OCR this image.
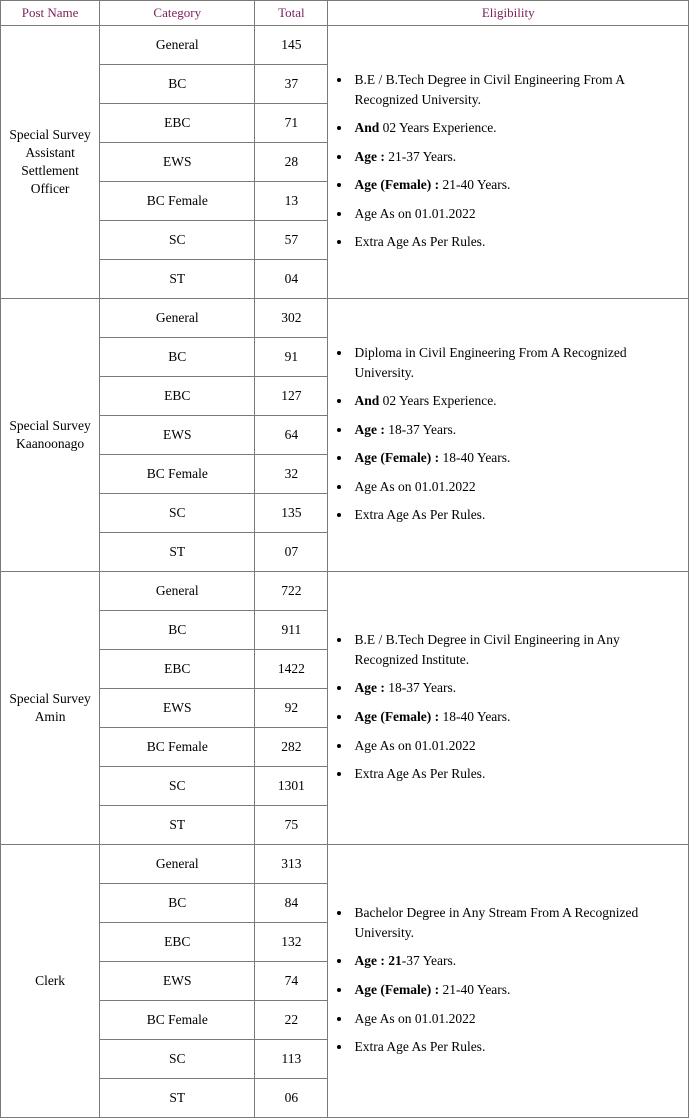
Post Name	Category	Total	Eligibility
Special Survey Assistant Settlement Officer	General	145	
• B.E / B.Tech Degree in Civil Engineering From A Recognized University.
• And 02 Years Experience.
• Age : 21-37 Years.
• Age (Female) : 21-40 Years.
• Age As on 01.01.2022
• Extra Age As Per Rules.

	BC	37	
	EBC	71	
	EWS	28	
	BC Female	13	
	SC	57	
	ST	04	
Special Survey Kaanoonago	General	302	
• Diploma in Civil Engineering From A Recognized University.
• And 02 Years Experience.
• Age : 18-37 Years.
• Age (Female) : 18-40 Years.
• Age As on 01.01.2022
• Extra Age As Per Rules.

	BC	91	
	EBC	127	
	EWS	64	
	BC Female	32	
	SC	135	
	ST	07	
Special Survey Amin	General	722	
• B.E / B.Tech Degree in Civil Engineering in Any Recognized Institute.
• Age : 18-37 Years.
• Age (Female) : 18-40 Years.
• Age As on 01.01.2022
• Extra Age As Per Rules.

	BC	911	
	EBC	1422	
	EWS	92	
	BC Female	282	
	SC	1301	
	ST	75	
Clerk	General	313	
• Bachelor Degree in Any Stream From A Recognized University.
• Age : 21-37 Years.
• Age (Female) : 21-40 Years.
• Age As on 01.01.2022
• Extra Age As Per Rules.

	BC	84	
	EBC	132	
	EWS	74	
	BC Female	22	
	SC	113	
	ST	06	
